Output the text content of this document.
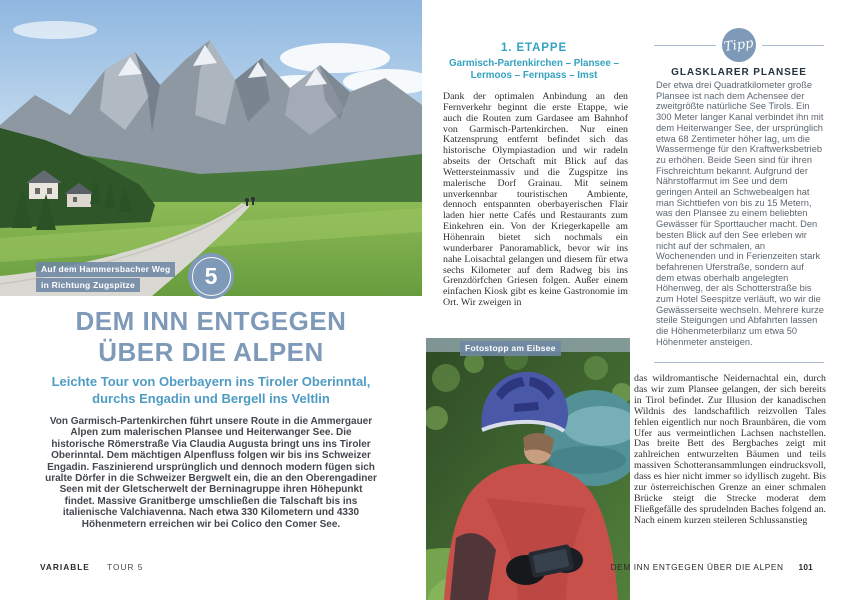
Auf dem Hammersbacher Weg
in Richtung Zugspitze	5
DEM INN ENTGEGEN
ÜBER DIE ALPEN
Leichte Tour von Oberbayern ins Tiroler Oberinntal,
durchs Engadin und Bergell ins Veltlin

Von Garmisch-Partenkirchen führt unsere Route in die Ammergauer Alpen zum malerischen Plansee und Heiterwanger See. Die historische Römerstraße Via Claudia Augusta bringt uns ins Tiroler Oberinntal. Dem mächtigen Alpenfluss folgen wir bis ins Schweizer Engadin. Faszinierend ursprünglich und dennoch modern fügen sich uralte Dörfer in die Schweizer Bergwelt ein, die an den Oberengadiner Seen mit der Gletscherwelt der Berninagruppe ihren Höhepunkt findet. Massive Granitberge umschließen die Talschaft bis ins italienische Valchiavenna. Nach etwa 330 Kilometern und 4330 Höhenmetern erreichen wir bei Colico den Comer See.

VARIABLE TOUR 5
1. ETAPPE
Garmisch-Partenkirchen – Plansee –
Lermoos – Fernpass – Imst

Dank der optimalen Anbindung an den Fernverkehr beginnt die erste Etappe, wie auch die Routen zum Gardasee am Bahnhof von Garmisch-Partenkirchen. Nur einen Katzensprung entfernt befindet sich das historische Olympiastadion und wir radeln abseits der Ortschaft mit Blick auf das Wettersteinmassiv und die Zugspitze ins malerische Dorf Grainau. Mit seinem unverkennbar touristischen Ambiente, dennoch entspannten oberbayerischen Flair laden hier nette Cafés und Restaurants zum Einkehren ein. Von der Kriegerkapelle am Höhenrain bietet sich nochmals ein wunderbarer Panoramablick, bevor wir ins nahe Loisachtal gelangen und diesem für etwa sechs Kilometer auf dem Radweg bis ins Grenzdörfchen Griesen folgen. Außer einem einfachen Kiosk gibt es keine Gastronomie im Ort. Wir zweigen in

Fotostopp am Eibsee
Tipp
GLASKLARER PLANSEE

Der etwa drei Quadratkilometer große Plansee ist nach dem Achensee der zweitgrößte natürliche See Tirols. Ein 300 Meter langer Kanal verbindet ihn mit dem Heiterwanger See, der ursprünglich etwa 68 Zentimeter höher lag, um die Wassermenge für den Kraftwerksbetrieb zu erhöhen. Beide Seen sind für ihren Fischreichtum bekannt. Aufgrund der Nährstoffarmut im See und dem geringen Anteil an Schwebealgen hat man Sichttiefen von bis zu 15 Metern, was den Plansee zu einem beliebten Gewässer für Sporttaucher macht. Den besten Blick auf den See erleben wir nicht auf der schmalen, an Wochenenden und in Ferienzeiten stark befahrenen Uferstraße, sondern auf dem etwas oberhalb angelegten Höhenweg, der als Schotterstraße bis zum Hotel Seespitze verläuft, wo wir die Gewässerseite wechseln. Mehrere kurze steile Steigungen und Abfahrten lassen die Höhenmeterbilanz um etwa 50 Höhenmeter ansteigen.

das wildromantische Neidernachtal ein, durch das wir zum Plansee gelangen, der sich bereits in Tirol befindet. Zur Illusion der kanadischen Wildnis des landschaftlich reizvollen Tales fehlen eigentlich nur noch Braunbären, die vom Ufer aus vermeintlichen Lachsen nachstellen. Das breite Bett des Bergbaches zeigt mit zahlreichen entwurzelten Bäumen und teils massiven Schotteransammlungen eindrucksvoll, dass es hier nicht immer so idyllisch zugeht. Bis zur österreichischen Grenze an einer schmalen Brücke steigt die Strecke moderat dem Fließgefälle des sprudelnden Baches folgend an. Nach einem kurzen steileren Schlussanstieg

DEM INN ENTGEGEN ÜBER DIE ALPEN 101
